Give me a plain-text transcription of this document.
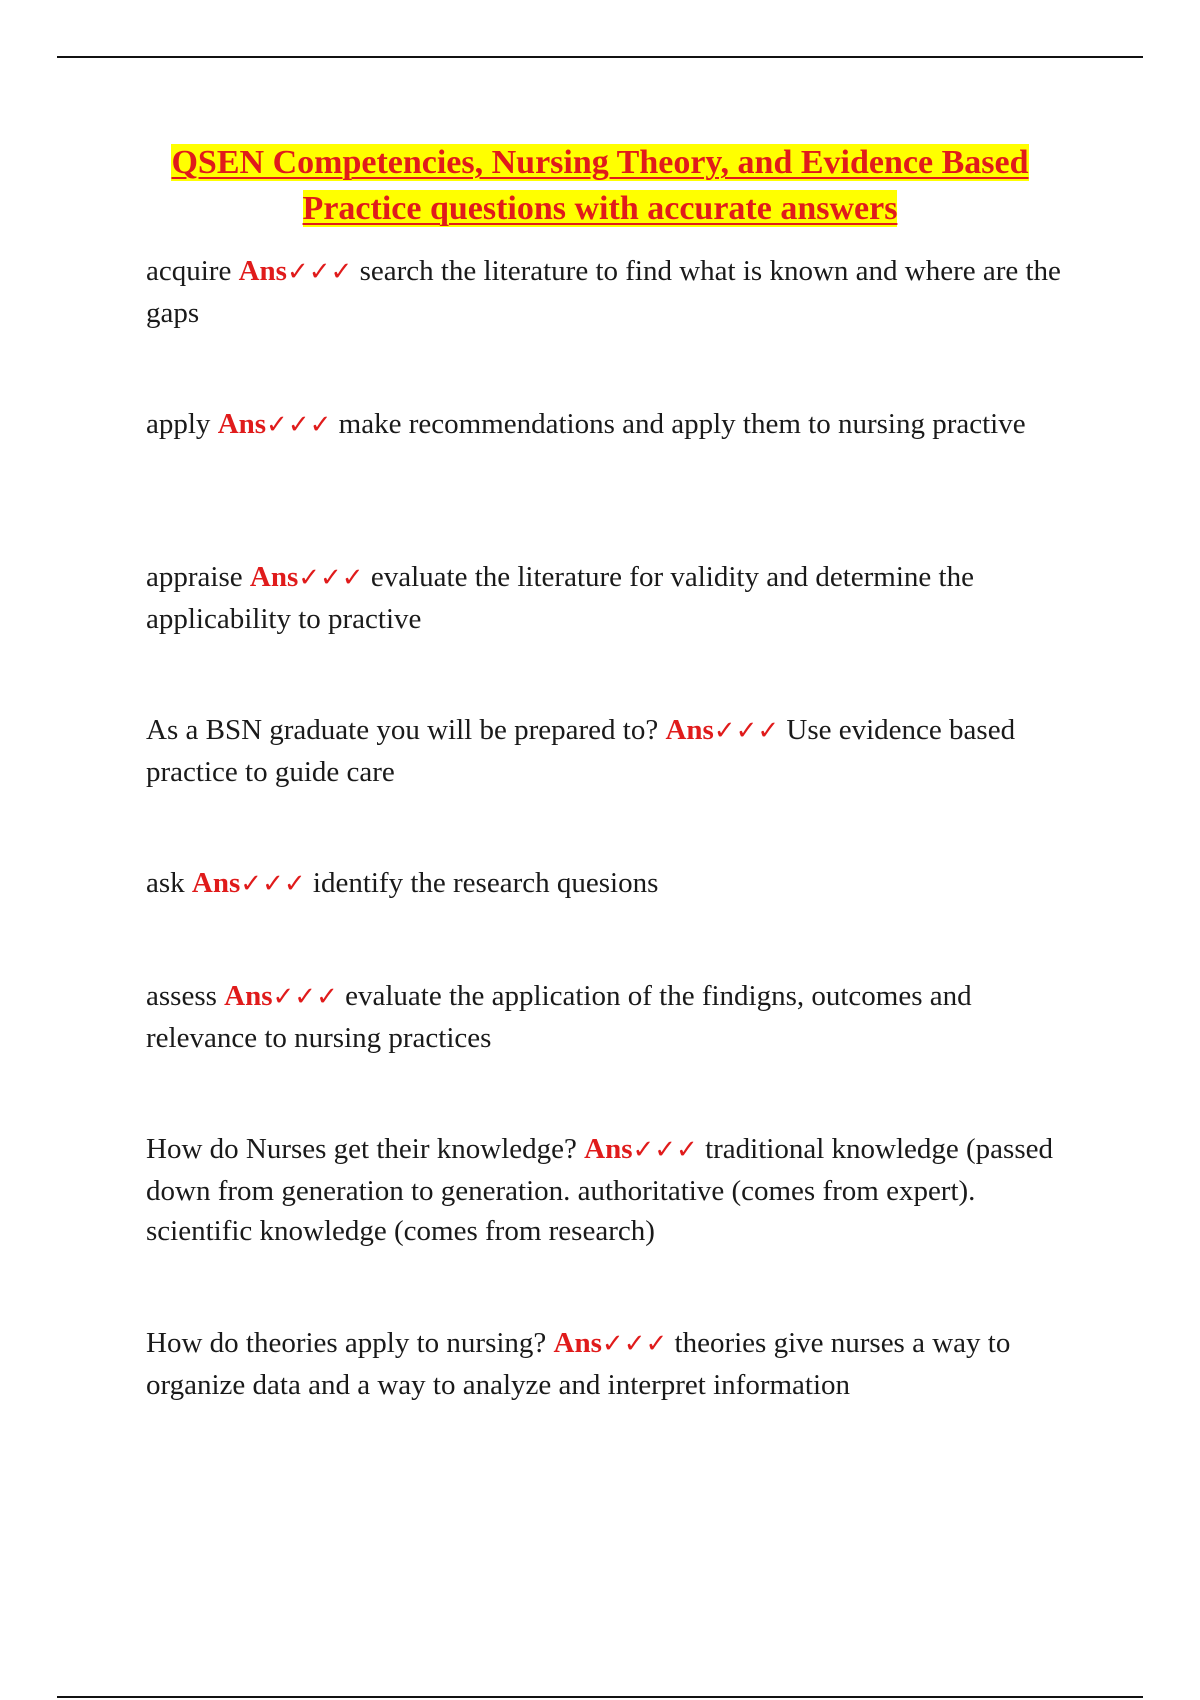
QSEN Competencies, Nursing Theory, and Evidence Based
Practice questions with accurate answers

acquire Ans✓✓✓ search the literature to find what is known and where are the gaps

apply Ans✓✓✓ make recommendations and apply them to nursing practive

appraise Ans✓✓✓ evaluate the literature for validity and determine the applicability to practive

As a BSN graduate you will be prepared to? Ans✓✓✓ Use evidence based practice to guide care

ask Ans✓✓✓ identify the research quesions

assess Ans✓✓✓ evaluate the application of the findigns, outcomes and relevance to nursing practices

How do Nurses get their knowledge? Ans✓✓✓ traditional knowledge (passed down from generation to generation. authoritative (comes from expert). scientific knowledge (comes from research)

How do theories apply to nursing? Ans✓✓✓ theories give nurses a way to organize data and a way to analyze and interpret information
